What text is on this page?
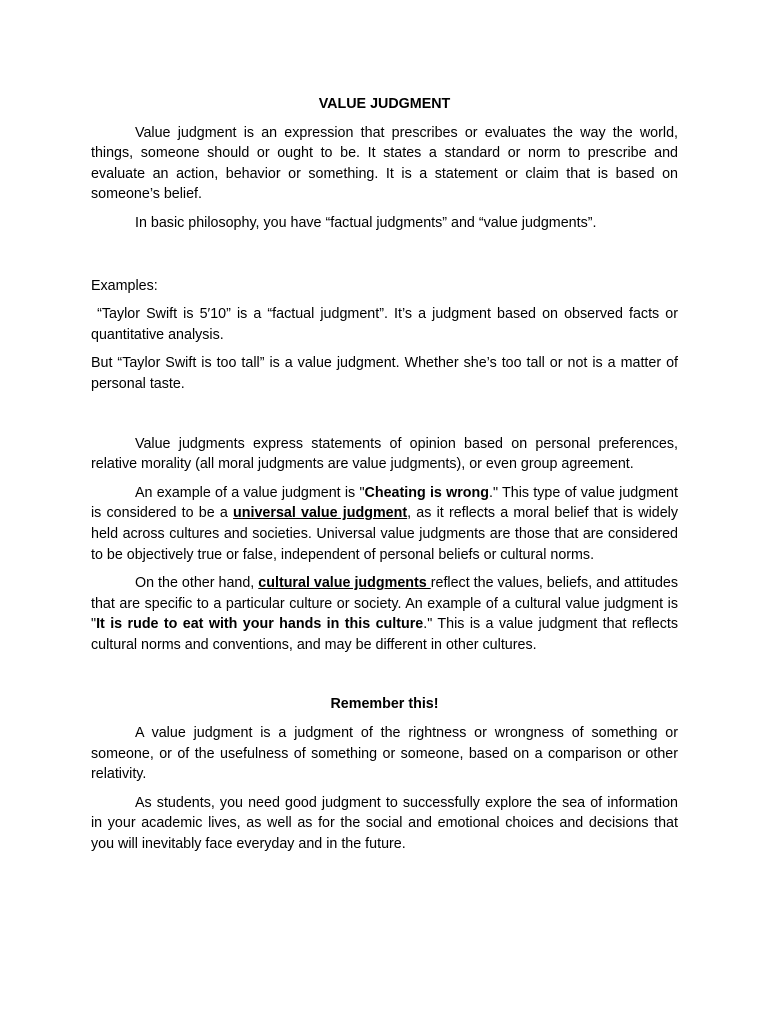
VALUE JUDGMENT

Value judgment is an expression that prescribes or evaluates the way the world, things, someone should or ought to be. It states a standard or norm to prescribe and evaluate an action, behavior or something. It is a statement or claim that is based on someone’s belief.

In basic philosophy, you have “factual judgments” and “value judgments”.

Examples:

“Taylor Swift is 5′10” is a “factual judgment”. It’s a judgment based on observed facts or quantitative analysis.

But “Taylor Swift is too tall” is a value judgment. Whether she’s too tall or not is a matter of personal taste.

Value judgments express statements of opinion based on personal preferences, relative morality (all moral judgments are value judgments), or even group agreement.

An example of a value judgment is "Cheating is wrong." This type of value judgment is considered to be a universal value judgment, as it reflects a moral belief that is widely held across cultures and societies. Universal value judgments are those that are considered to be objectively true or false, independent of personal beliefs or cultural norms.

On the other hand, cultural value judgments reflect the values, beliefs, and attitudes that are specific to a particular culture or society. An example of a cultural value judgment is "It is rude to eat with your hands in this culture." This is a value judgment that reflects cultural norms and conventions, and may be different in other cultures.

Remember this!

A value judgment is a judgment of the rightness or wrongness of something or someone, or of the usefulness of something or someone, based on a comparison or other relativity.

As students, you need good judgment to successfully explore the sea of information in your academic lives, as well as for the social and emotional choices and decisions that you will inevitably face everyday and in the future.
